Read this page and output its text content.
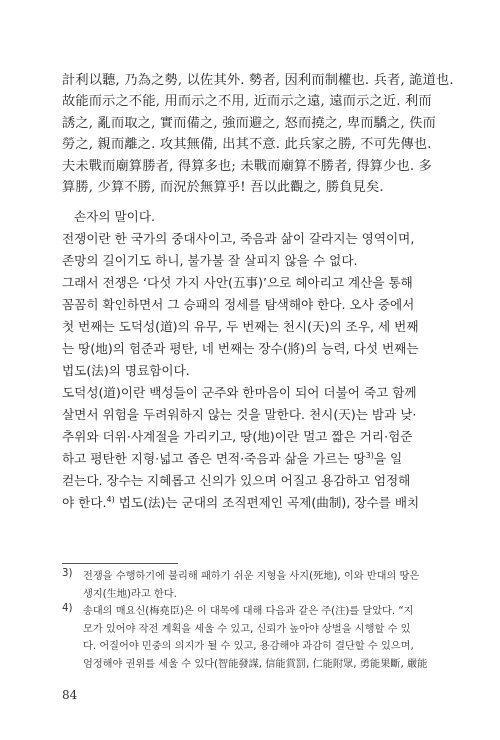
計利以聽, 乃為之勢, 以佐其外. 勢者, 因利而制權也. 兵者, 詭道也.
故能而示之不能, 用而示之不用, 近而示之遠, 遠而示之近. 利而
誘之, 亂而取之, 實而備之, 強而避之, 怒而撓之, 卑而驕之, 佚而
勞之, 親而離之. 攻其無備, 出其不意. 此兵家之勝, 不可先傳也.
夫未戰而廟算勝者, 得算多也; 未戰而廟算不勝者, 得算少也. 多
算勝, 少算不勝, 而況於無算乎! 吾以此觀之, 勝負見矣.
손자의 말이다.
전쟁이란 한 국가의 중대사이고, 죽음과 삶이 갈라지는 영역이며,
존망의 길이기도 하니, 불가불 잘 살피지 않을 수 없다.
그래서 전쟁은 ‘다섯 가지 사안(五事)’으로 헤아리고 계산을 통해
꼼꼼히 확인하면서 그 승패의 정세를 탐색해야 한다. 오사 중에서
첫 번째는 도덕성(道)의 유무, 두 번째는 천시(天)의 조우, 세 번째
는 땅(地)의 험준과 평탄, 네 번째는 장수(將)의 능력, 다섯 번째는
법도(法)의 명료함이다.
도덕성(道)이란 백성들이 군주와 한마음이 되어 더불어 죽고 함께
살면서 위험을 두려워하지 않는 것을 말한다. 천시(天)는 밤과 낮·
추위와 더위·사계절을 가리키고, 땅(地)이란 멀고 짧은 거리·험준
하고 평탄한 지형·넓고 좁은 면적·죽음과 삶을 가르는 땅$^{3)}$을 일
컫는다. 장수는 지혜롭고 신의가 있으며 어질고 용감하고 엄정해
야 한다.$^{4)}$ 법도(法)는 군대의 조직편제인 곡제(曲制), 장수를 배치
3) 전쟁을 수행하기에 불리해 패하기 쉬운 지형을 사지(死地), 이와 반대의 땅은
생지(生地)라고 한다.
4) 송대의 매요신(梅堯臣)은 이 대목에 대해 다음과 같은 주(注)를 달았다. “지
모가 있어야 작전 계획을 세울 수 있고, 신뢰가 높아야 상벌을 시행할 수 있
다. 어질어야 민중의 의지가 될 수 있고, 용감해야 과감히 결단할 수 있으며,
엄정해야 권위를 세울 수 있다(智能發謀, 信能賞罰, 仁能附眾, 勇能果斷, 嚴能
84
